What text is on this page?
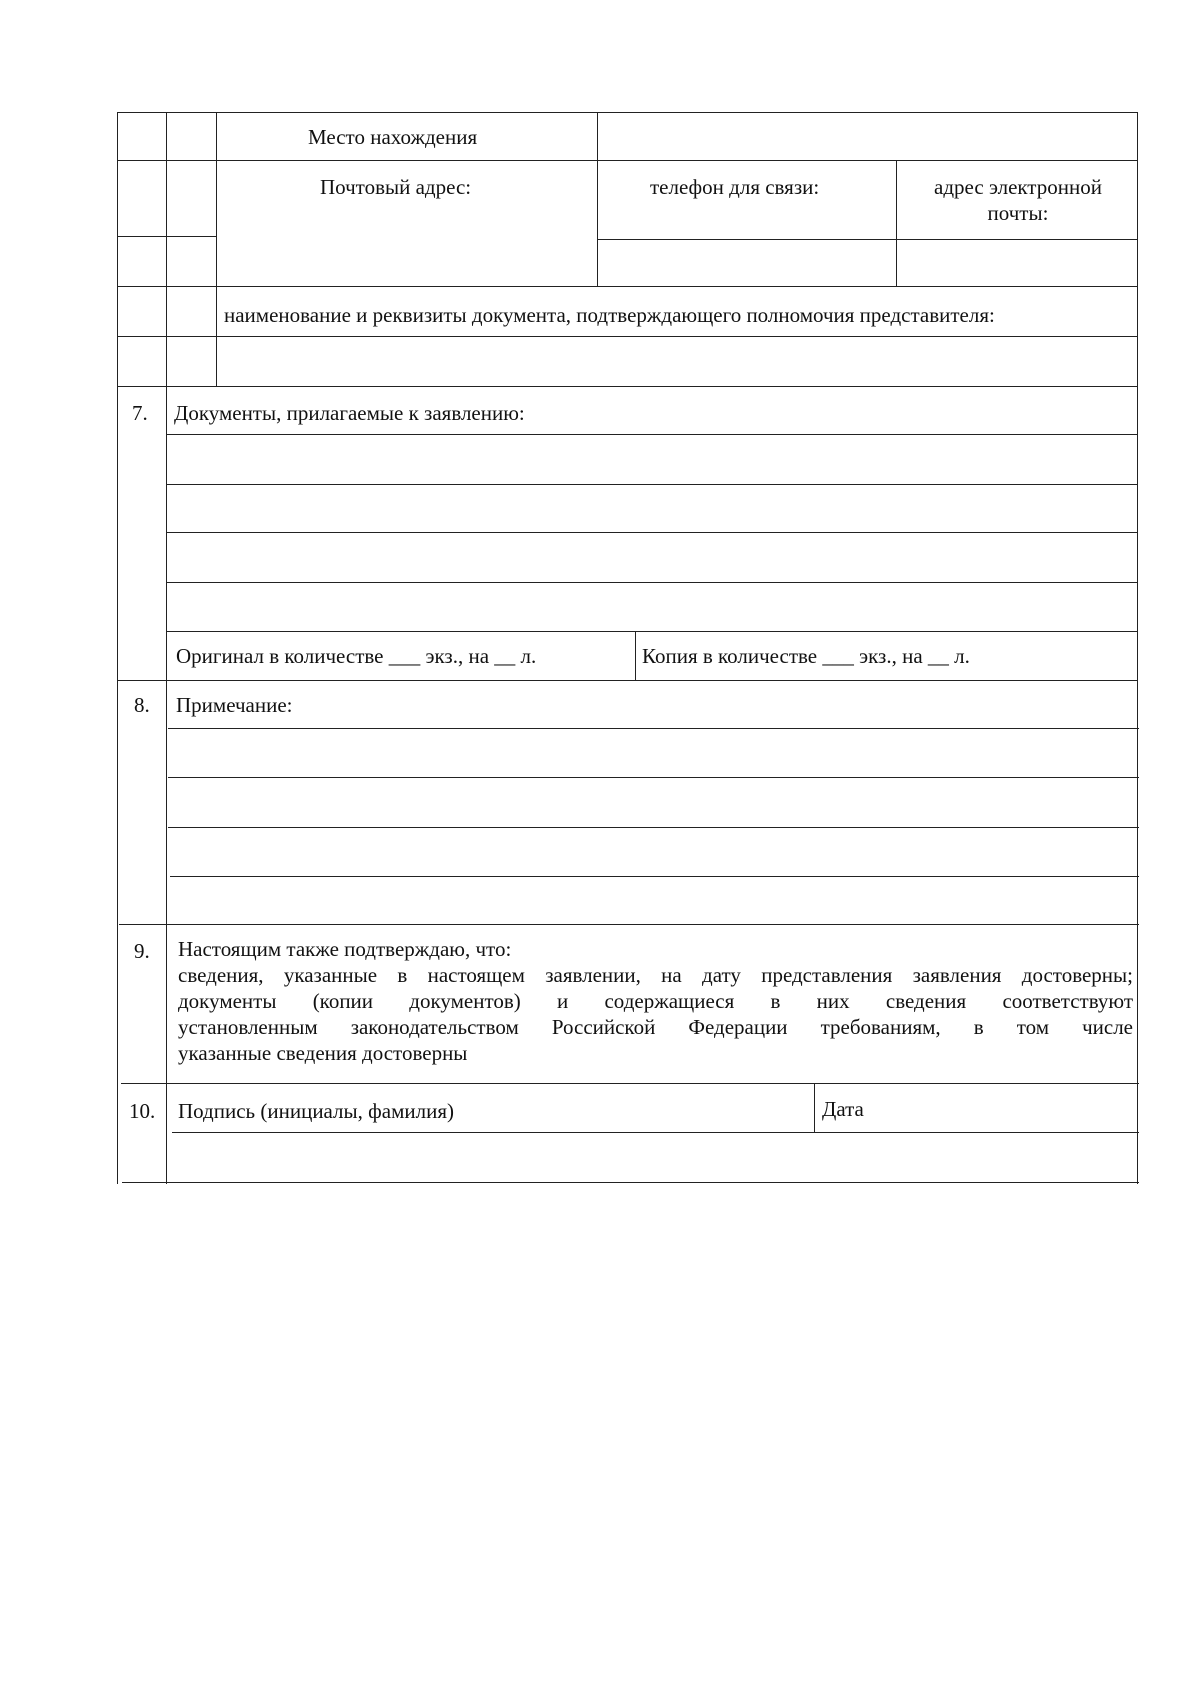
Место нахождения
Почтовый адрес:	телефон для связи:	адрес электронной почты:
наименование и реквизиты документа, подтверждающего полномочия представителя:
7. Документы, прилагаемые к заявлению:
Оригинал в количестве ___ экз., на __ л.	Копия в количестве ___ экз., на __ л.
8. Примечание:
9. Настоящим также подтверждаю, что:
сведения, указанные в настоящем заявлении, на дату представления заявления достоверны;
документы (копии документов) и содержащиеся в них сведения соответствуют
установленным законодательством Российской Федерации требованиям, в том числе
указанные сведения достоверны
10. Подпись (инициалы, фамилия)	Дата
